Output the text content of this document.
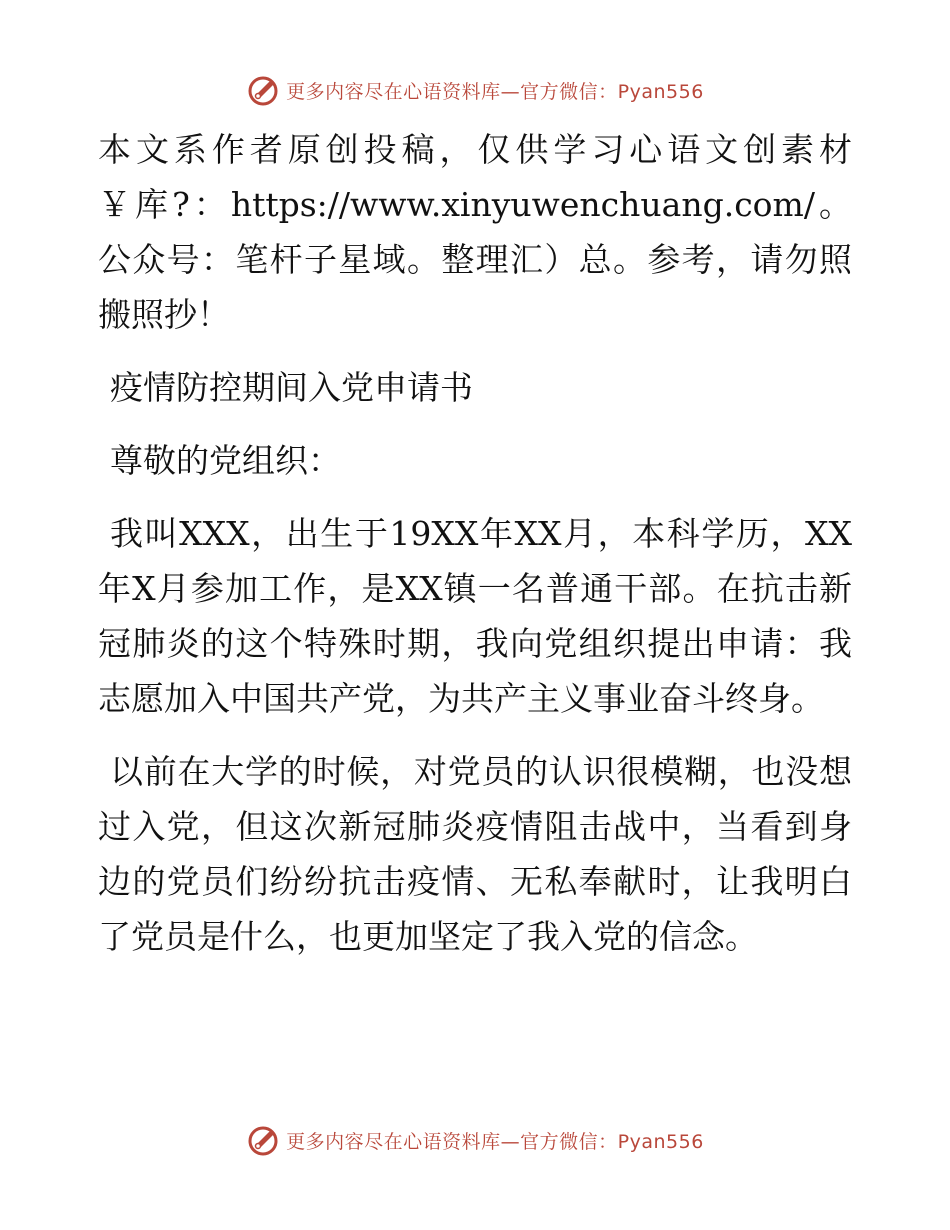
更多内容尽在心语资料库—官方微信：Pyan556

本文系作者原创投稿，仅供学习心语文创素材￥库?：https://www.xinyuwenchuang.com/。公众号：笔杆子星域。整理汇）总。参考，请勿照搬照抄！

疫情防控期间入党申请书

尊敬的党组织：

我叫XXX，出生于19XX年XX月，本科学历，XX年X月参加工作，是XX镇一名普通干部。在抗击新冠肺炎的这个特殊时期，我向党组织提出申请：我志愿加入中国共产党，为共产主义事业奋斗终身。

以前在大学的时候，对党员的认识很模糊，也没想过入党，但这次新冠肺炎疫情阻击战中，当看到身边的党员们纷纷抗击疫情、无私奉献时，让我明白了党员是什么，也更加坚定了我入党的信念。

更多内容尽在心语资料库—官方微信：Pyan556
